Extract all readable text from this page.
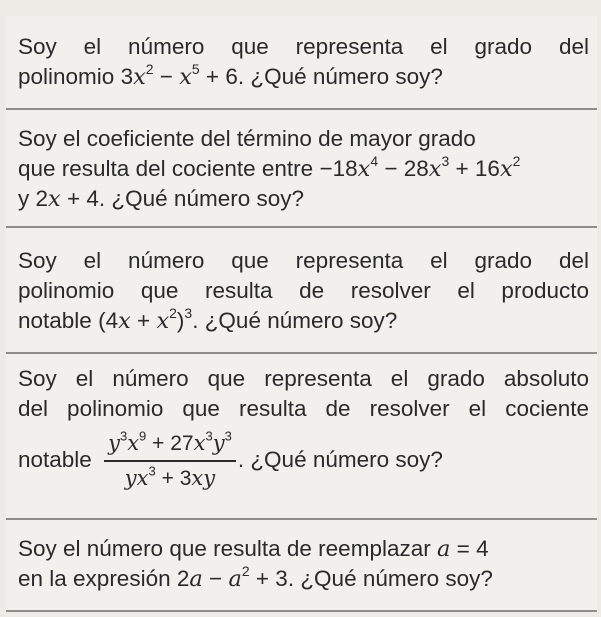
Soy el número que representa el grado del

polinomio $3x^2 - x^5 + 6$. ¿Qué número soy?

Soy el coeficiente del término de mayor grado

que resulta del cociente entre $-18x^4 - 28x^3 + 16x^2$

y 2x + 4. ¿Qué número soy?

Soy el número que representa el grado del

polinomio que resulta de resolver el producto

notable $(4x + x^2)^3$. ¿Qué número soy?

Soy el número que representa el grado absoluto

del polinomio que resulta de resolver el cociente

notable $\frac{y^3x^9 + 27x^3y^3}{yx^3 + 3xy}$ . ¿Qué número soy?

Soy el número que resulta de reemplazar a = 4

en la expresión $2a - a^2 + 3$. ¿Qué número soy?
